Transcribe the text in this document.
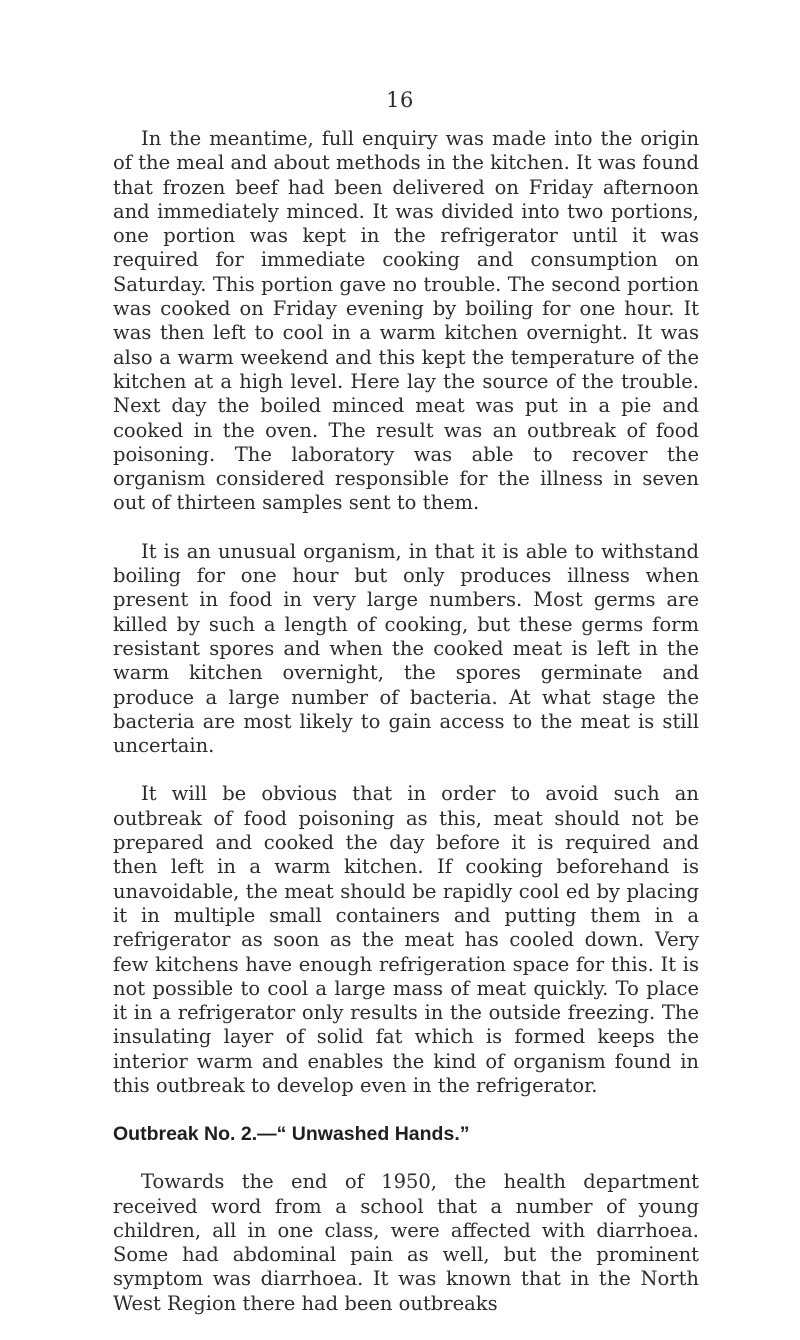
16

In the meantime, full enquiry was made into the origin of the meal and about methods in the kitchen. It was found that frozen beef had been delivered on Friday afternoon and immediately minced. It was divided into two portions, one portion was kept in the refrigerator until it was required for immediate cooking and consumption on Saturday. This portion gave no trouble. The second portion was cooked on Friday evening by boiling for one hour. It was then left to cool in a warm kitchen overnight. It was also a warm weekend and this kept the temperature of the kitchen at a high level. Here lay the source of the trouble. Next day the boiled minced meat was put in a pie and cooked in the oven. The result was an outbreak of food poisoning. The laboratory was able to recover the organism considered responsible for the illness in seven out of thirteen samples sent to them.

It is an unusual organism, in that it is able to withstand boiling for one hour but only produces illness when present in food in very large numbers. Most germs are killed by such a length of cooking, but these germs form resistant spores and when the cooked meat is left in the warm kitchen overnight, the spores germinate and produce a large number of bacteria. At what stage the bacteria are most likely to gain access to the meat is still uncertain.

It will be obvious that in order to avoid such an outbreak of food poisoning as this, meat should not be prepared and cooked the day before it is required and then left in a warm kitchen. If cooking beforehand is unavoidable, the meat should be rapidly cool ed by placing it in multiple small containers and putting them in a refrigerator as soon as the meat has cooled down. Very few kitchens have enough refrigeration space for this. It is not possible to cool a large mass of meat quickly. To place it in a refrigerator only results in the outside freezing. The insulating layer of solid fat which is formed keeps the interior warm and enables the kind of organism found in this outbreak to develop even in the refrigerator.

Outbreak No. 2.—“ Unwashed Hands.”

Towards the end of 1950, the health department received word from a school that a number of young children, all in one class, were affected with diarrhoea. Some had abdominal pain as well, but the prominent symptom was diarrhoea. It was known that in the North West Region there had been outbreaks
